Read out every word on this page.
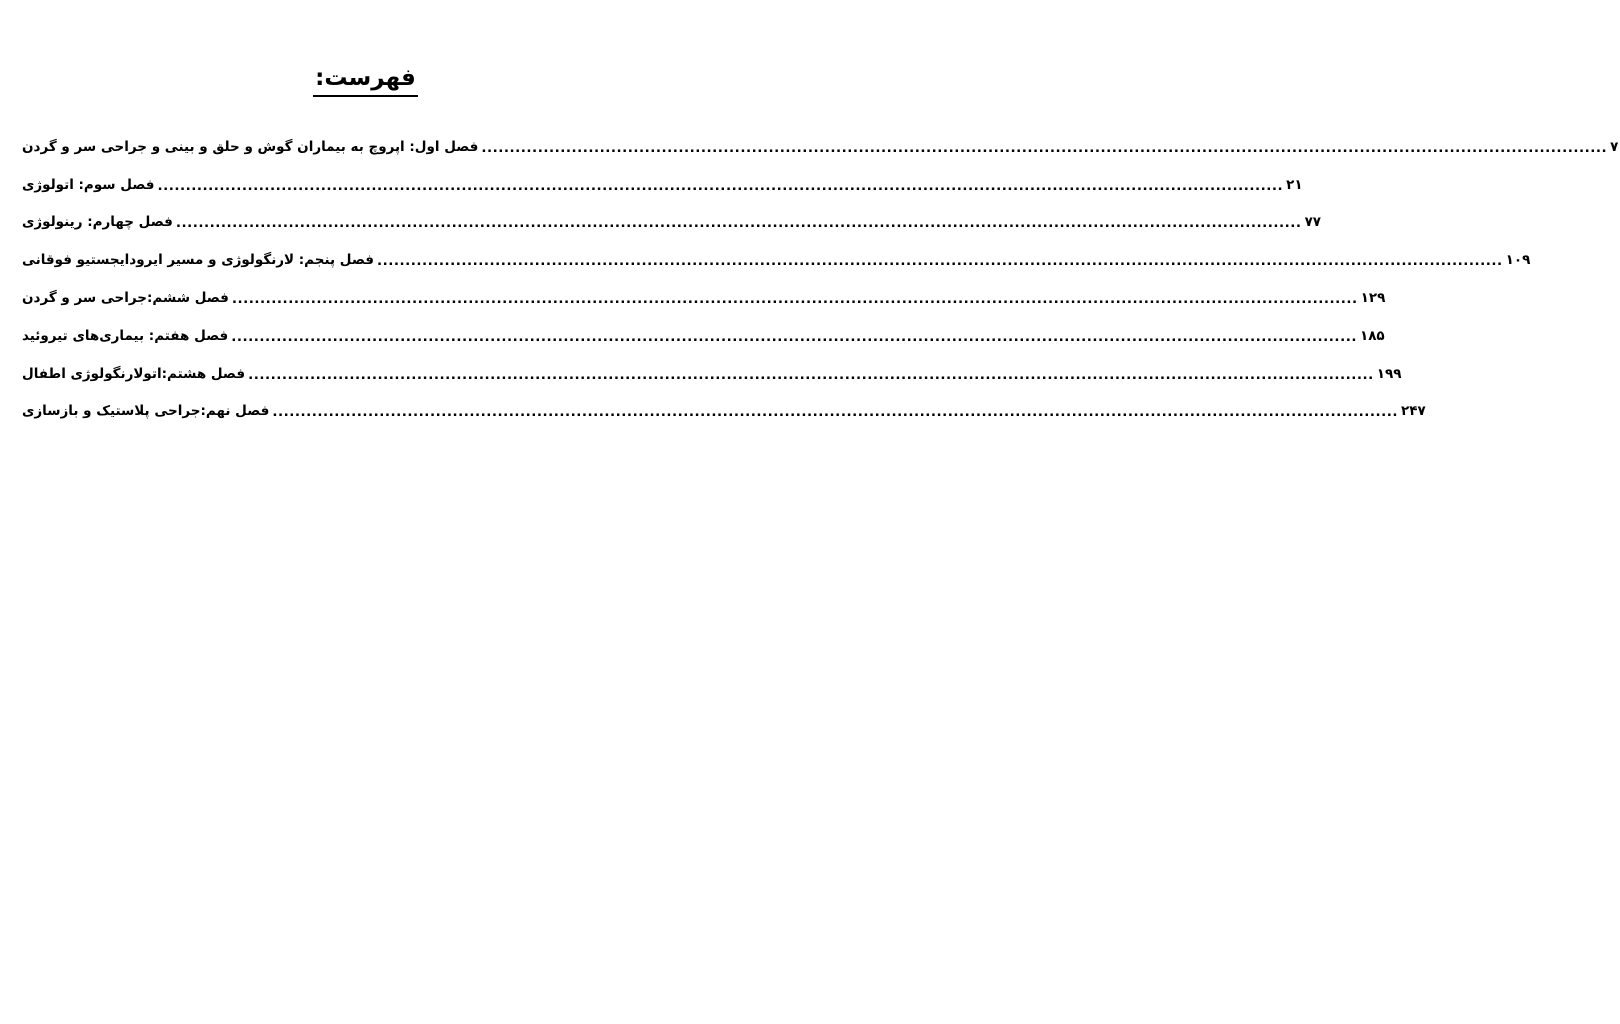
فهرست:
فصل اول: اپروچ به بیماران گوش و حلق و بینی و جراحی سر و گردن ........................................................................................................................................................................................................ ۷
فصل سوم: اتولوژی ........................................................................................................................................................................................................ ۲۱
فصل چهارم: رینولوژی ........................................................................................................................................................................................................ ۷۷
فصل پنجم: لارنگولوژی و مسیر ایرودایجستیو فوقانی ........................................................................................................................................................................................................ ۱۰۹
فصل ششم:جراحی سر و گردن ........................................................................................................................................................................................................ ۱۲۹
فصل هفتم: بیماری‌های تیروئید ........................................................................................................................................................................................................ ۱۸۵
فصل هشتم:اتولارنگولوژی اطفال ........................................................................................................................................................................................................ ۱۹۹
فصل نهم:جراحی پلاستیک و بازسازی ........................................................................................................................................................................................................ ۲۴۷
